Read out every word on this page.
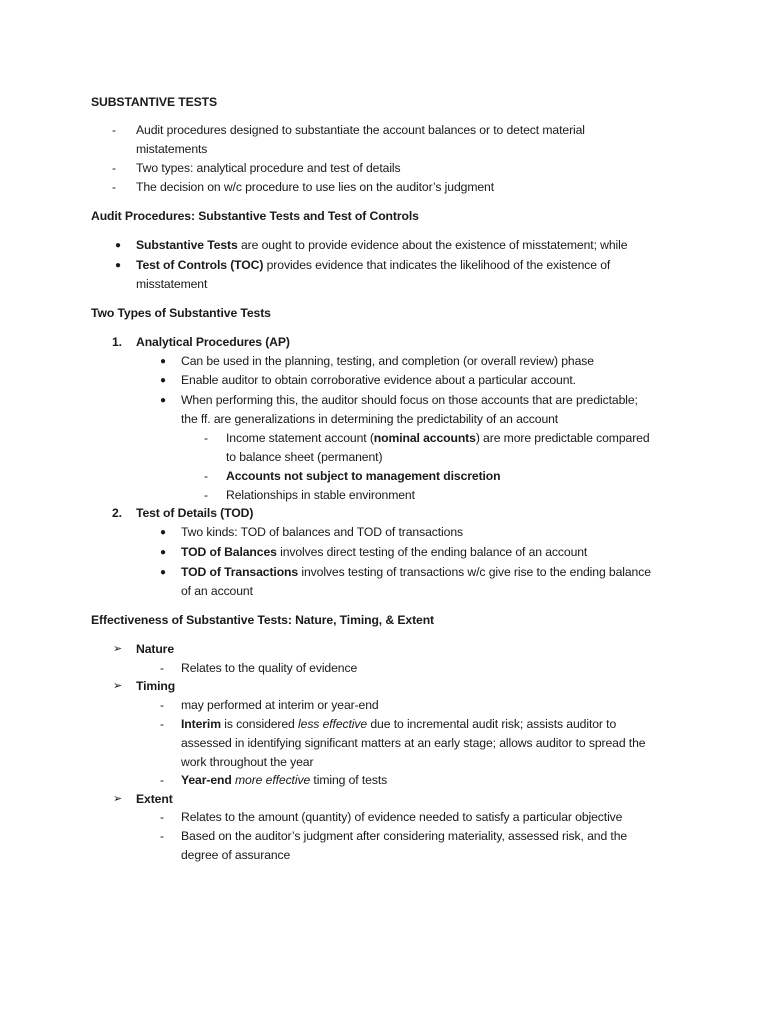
SUBSTANTIVE TESTS
- Audit procedures designed to substantiate the account balances or to detect material
mistatements
- Two types: analytical procedure and test of details
- The decision on w/c procedure to use lies on the auditor’s judgment
Audit Procedures: Substantive Tests and Test of Controls
● Substantive Tests are ought to provide evidence about the existence of misstatement; while
● Test of Controls (TOC) provides evidence that indicates the likelihood of the existence of
misstatement
Two Types of Substantive Tests
1. Analytical Procedures (AP)
● Can be used in the planning, testing, and completion (or overall review) phase
● Enable auditor to obtain corroborative evidence about a particular account.
● When performing this, the auditor should focus on those accounts that are predictable;
the ff. are generalizations in determining the predictability of an account
- Income statement account (nominal accounts) are more predictable compared
to balance sheet (permanent)
- Accounts not subject to management discretion
- Relationships in stable environment
2. Test of Details (TOD)
● Two kinds: TOD of balances and TOD of transactions
● TOD of Balances involves direct testing of the ending balance of an account
● TOD of Transactions involves testing of transactions w/c give rise to the ending balance
of an account
Effectiveness of Substantive Tests: Nature, Timing, & Extent
➢ Nature
- Relates to the quality of evidence
➢ Timing
- may performed at interim or year-end
- Interim is considered less effective due to incremental audit risk; assists auditor to
assessed in identifying significant matters at an early stage; allows auditor to spread the
work throughout the year
- Year-end more effective timing of tests
➢ Extent
- Relates to the amount (quantity) of evidence needed to satisfy a particular objective
- Based on the auditor’s judgment after considering materiality, assessed risk, and the
degree of assurance
